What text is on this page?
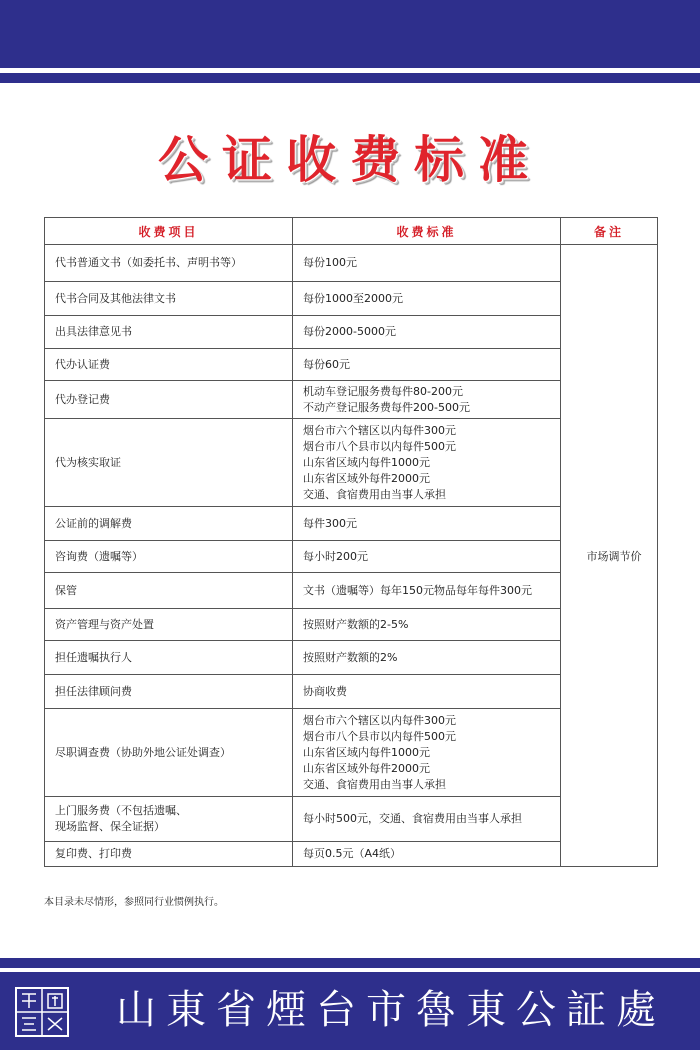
公证收费标准
收费项目	收费标准	备注

代书普通文书（如委托书、声明书等）	每份100元	市场调节价

代书合同及其他法律文书	每份1000至2000元	

出具法律意见书	每份2000-5000元	

代办认证费	每份60元	

代办登记费	机动车登记服务费每件80-200元
不动产登记服务费每件200-500元	

代为核实取证	烟台市六个辖区以内每件300元
烟台市八个县市以内每件500元
山东省区域内每件1000元
山东省区域外每件2000元
交通、食宿费用由当事人承担	

公证前的调解费	每件300元	

咨询费（遗嘱等）	每小时200元	

保管	文书（遗嘱等）每年150元物品每年每件300元	

资产管理与资产处置	按照财产数额的2-5%	

担任遗嘱执行人	按照财产数额的2%	

担任法律顾问费	协商收费	

尽职调查费（协助外地公证处调查）	烟台市六个辖区以内每件300元
烟台市八个县市以内每件500元
山东省区域内每件1000元
山东省区域外每件2000元
交通、食宿费用由当事人承担	

上门服务费（不包括遗嘱、
现场监督、保全证据）	每小时500元，交通、食宿费用由当事人承担	

复印费、打印费	每页0.5元（A4纸）	
本目录未尽情形，参照同行业惯例执行。
山東省煙台市魯東公証處
